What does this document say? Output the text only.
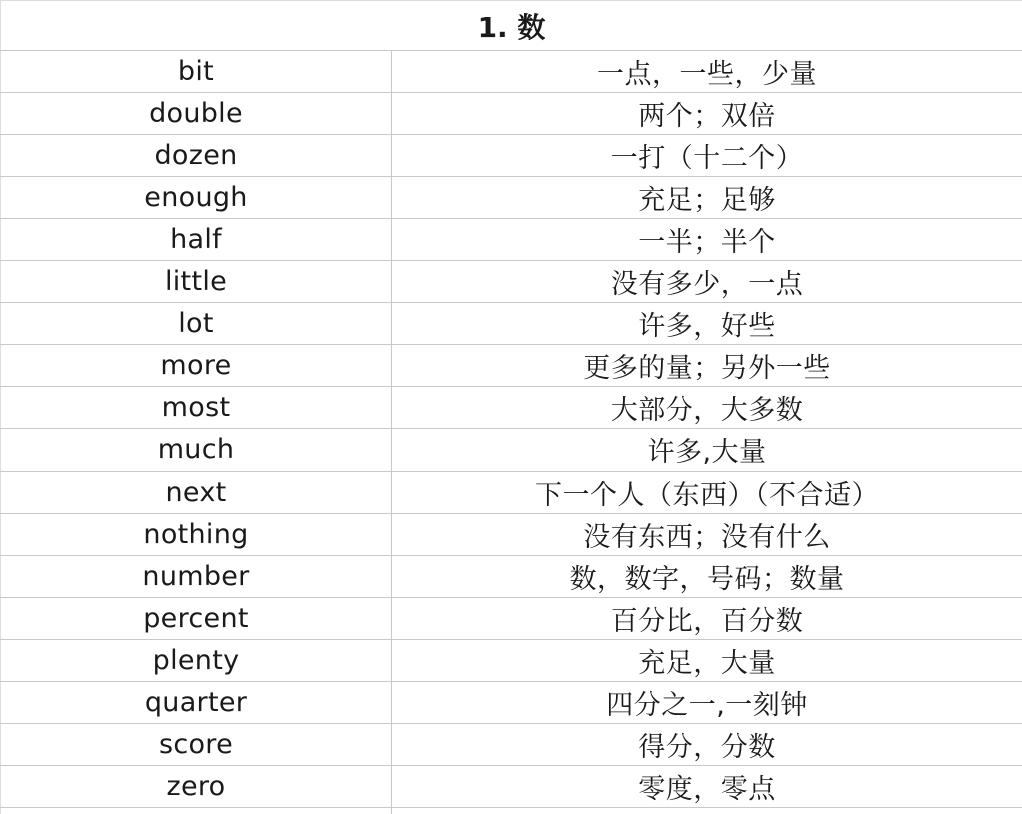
1. 数	
bit	一点，一些，少量
double	两个；双倍
dozen	一打（十二个）
enough	充足；足够
half	一半；半个
little	没有多少，一点
lot	许多，好些
more	更多的量；另外一些
most	大部分，大多数
much	许多,大量
next	下一个人（东西）（不合适）
nothing	没有东西；没有什么
number	数，数字，号码；数量
percent	百分比，百分数
plenty	充足，大量
quarter	四分之一,一刻钟
score	得分，分数
zero	零度，零点
